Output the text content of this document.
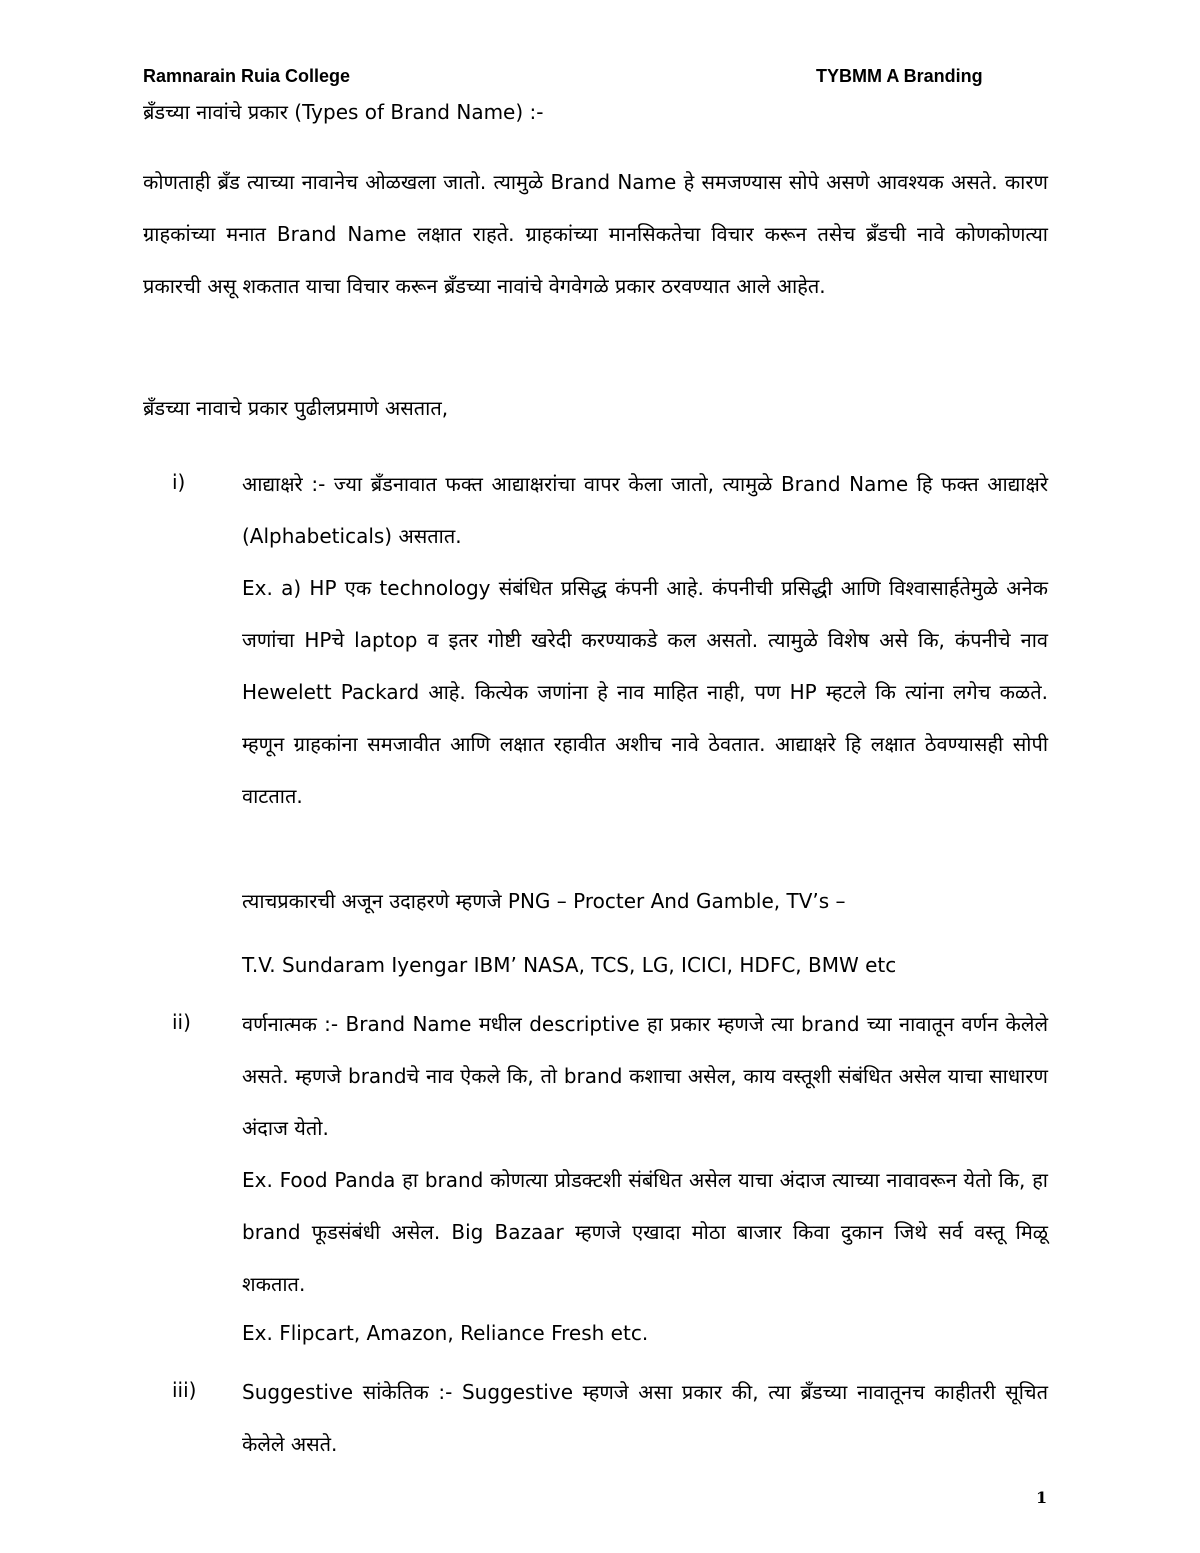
Ramnarain Ruia College	TYBMM A Branding
ब्रँडच्या नावांचे प्रकार (Types of Brand Name) :-
कोणताही ब्रँड त्याच्या नावानेच ओळखला जातो. त्यामुळे Brand Name हे समजण्यास सोपे असणे आवश्यक असते. कारण ग्राहकांच्या मनात Brand Name लक्षात राहते. ग्राहकांच्या मानसिकतेचा विचार करून तसेच ब्रँडची नावे कोणकोणत्या प्रकारची असू शकतात याचा विचार करून ब्रँडच्या नावांचे वेगवेगळे प्रकार ठरवण्यात आले आहेत.
ब्रँडच्या नावाचे प्रकार पुढीलप्रमाणे असतात,
i)	आद्याक्षरे :- ज्या ब्रँडनावात फक्त आद्याक्षरांचा वापर केला जातो, त्यामुळे Brand Name हि फक्त आद्याक्षरे (Alphabeticals) असतात.
Ex. a) HP एक technology संबंधित प्रसिद्ध कंपनी आहे. कंपनीची प्रसिद्धी आणि विश्वासार्हतेमुळे अनेक जणांचा HPचे laptop व इतर गोष्टी खरेदी करण्याकडे कल असतो. त्यामुळे विशेष असे कि, कंपनीचे नाव Hewelett Packard आहे. कित्येक जणांना हे नाव माहित नाही, पण HP म्हटले कि त्यांना लगेच कळते. म्हणून ग्राहकांना समजावीत आणि लक्षात रहावीत अशीच नावे ठेवतात. आद्याक्षरे हि लक्षात ठेवण्यासही सोपी वाटतात.
त्याचप्रकारची अजून उदाहरणे म्हणजे PNG – Procter And Gamble, TV’s –
T.V. Sundaram Iyengar IBM’ NASA, TCS, LG, ICICI, HDFC, BMW etc
ii)	वर्णनात्मक :- Brand Name मधील descriptive हा प्रकार म्हणजे त्या brand च्या नावातून वर्णन केलेले असते. म्हणजे brandचे नाव ऐकले कि, तो brand कशाचा असेल, काय वस्तूशी संबंधित असेल याचा साधारण अंदाज येतो.
Ex. Food Panda हा brand कोणत्या प्रोडक्टशी संबंधित असेल याचा अंदाज त्याच्या नावावरून येतो कि, हा brand फूडसंबंधी असेल. Big Bazaar म्हणजे एखादा मोठा बाजार किवा दुकान जिथे सर्व वस्तू मिळू शकतात.
Ex. Flipcart, Amazon, Reliance Fresh etc.
iii) Suggestive सांकेतिक :- Suggestive म्हणजे असा प्रकार की, त्या ब्रँडच्या नावातूनच काहीतरी सूचित केलेले असते.
1
